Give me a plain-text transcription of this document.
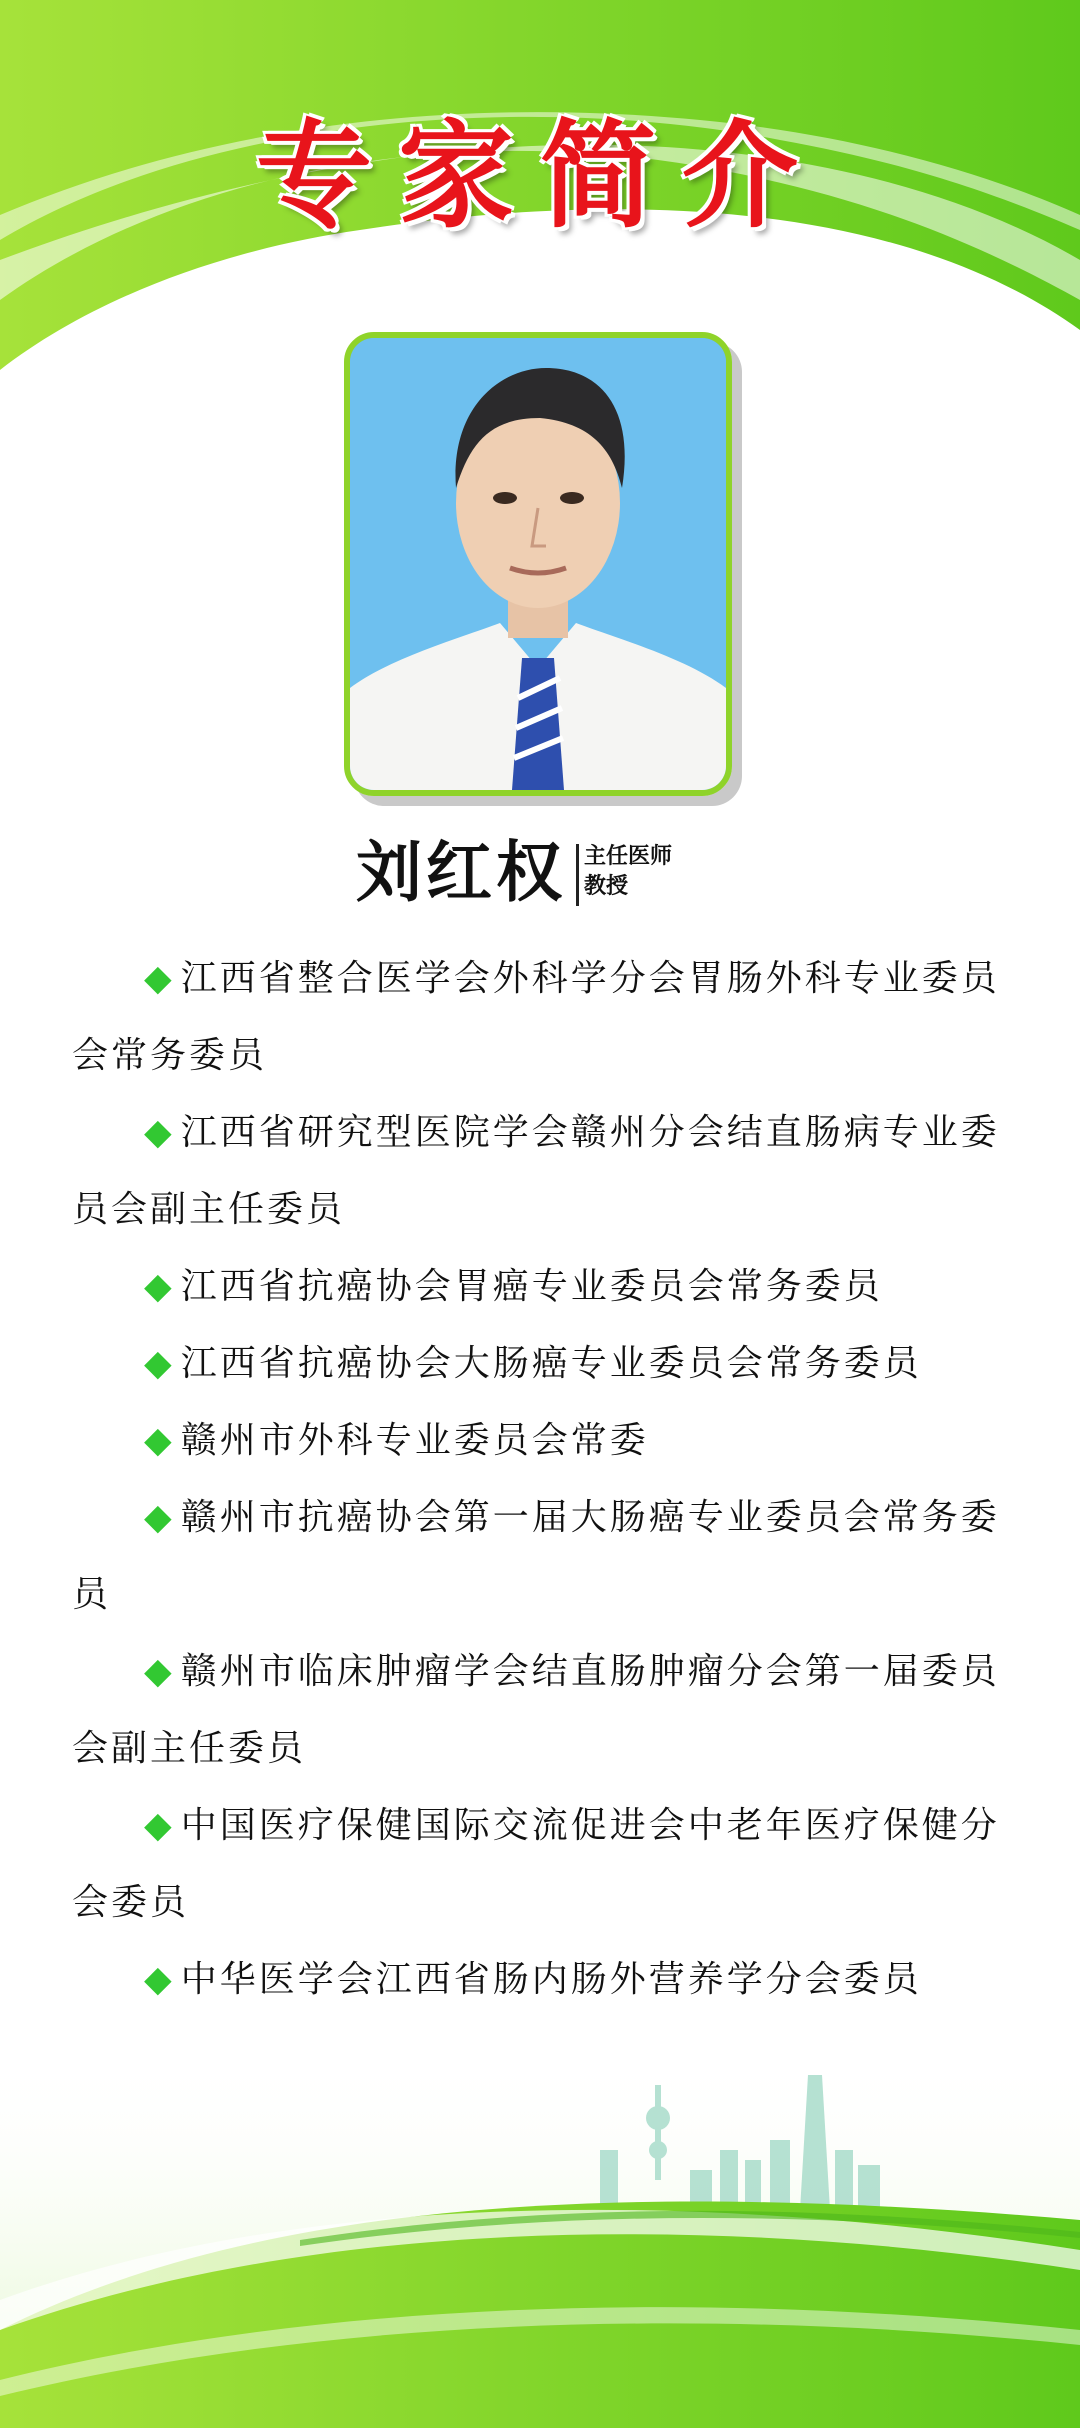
专家简介
刘红权 主任医师
教授
◆ 江西省整合医学会外科学分会胃肠外科专业委员会常务委员
◆ 江西省研究型医院学会赣州分会结直肠病专业委员会副主任委员
◆ 江西省抗癌协会胃癌专业委员会常务委员
◆ 江西省抗癌协会大肠癌专业委员会常务委员
◆ 赣州市外科专业委员会常委
◆ 赣州市抗癌协会第一届大肠癌专业委员会常务委员
◆ 赣州市临床肿瘤学会结直肠肿瘤分会第一届委员会副主任委员
◆ 中国医疗保健国际交流促进会中老年医疗保健分会委员
◆ 中华医学会江西省肠内肠外营养学分会委员
